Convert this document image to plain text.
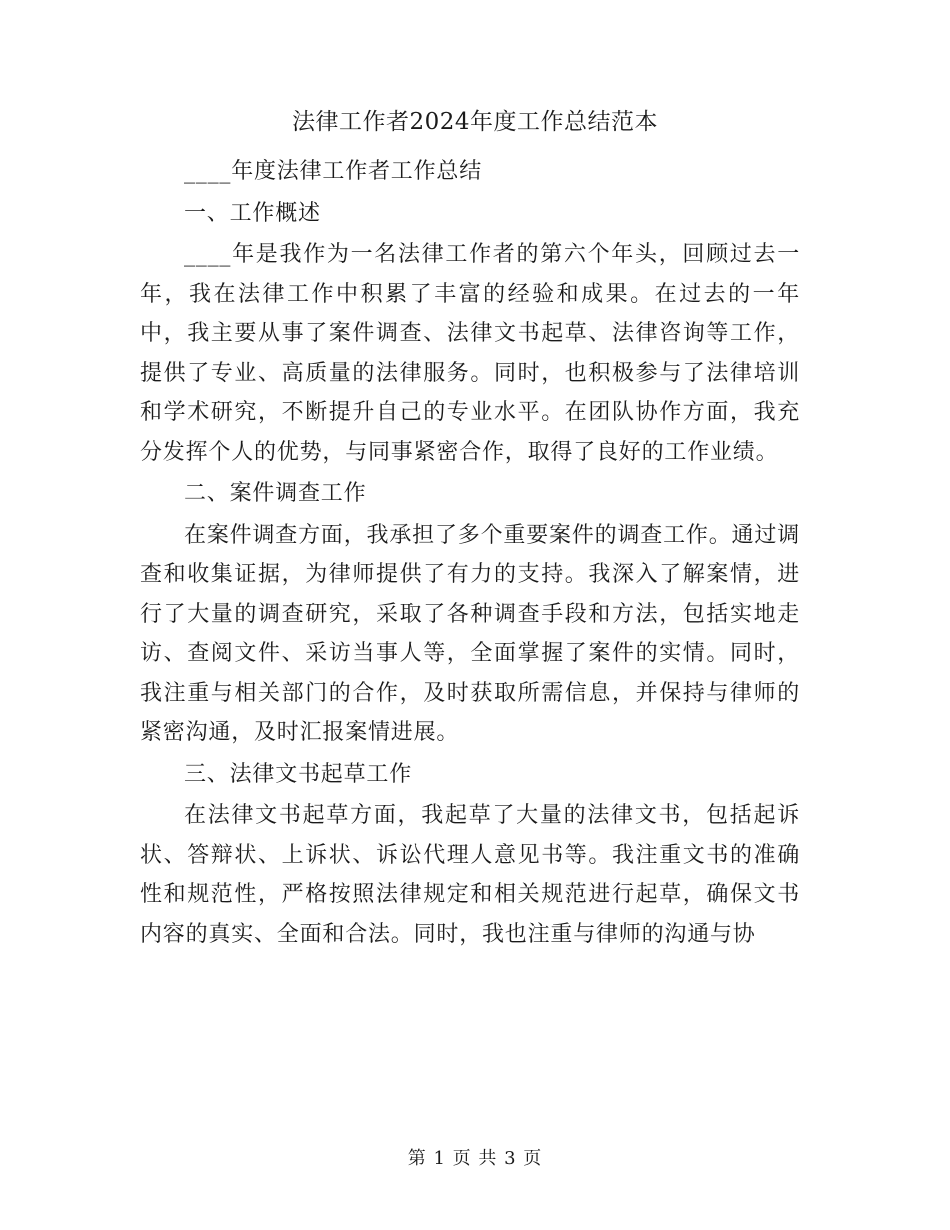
法律工作者2024年度工作总结范本

____年度法律工作者工作总结

一、工作概述

____年是我作为一名法律工作者的第六个年头，回顾过去一年，我在法律工作中积累了丰富的经验和成果。在过去的一年中，我主要从事了案件调查、法律文书起草、法律咨询等工作，提供了专业、高质量的法律服务。同时，也积极参与了法律培训和学术研究，不断提升自己的专业水平。在团队协作方面，我充分发挥个人的优势，与同事紧密合作，取得了良好的工作业绩。

二、案件调查工作

在案件调查方面，我承担了多个重要案件的调查工作。通过调查和收集证据，为律师提供了有力的支持。我深入了解案情，进行了大量的调查研究，采取了各种调查手段和方法，包括实地走访、查阅文件、采访当事人等，全面掌握了案件的实情。同时，我注重与相关部门的合作，及时获取所需信息，并保持与律师的紧密沟通，及时汇报案情进展。

三、法律文书起草工作

在法律文书起草方面，我起草了大量的法律文书，包括起诉状、答辩状、上诉状、诉讼代理人意见书等。我注重文书的准确性和规范性，严格按照法律规定和相关规范进行起草，确保文书内容的真实、全面和合法。同时，我也注重与律师的沟通与协

第 1 页 共 3 页
